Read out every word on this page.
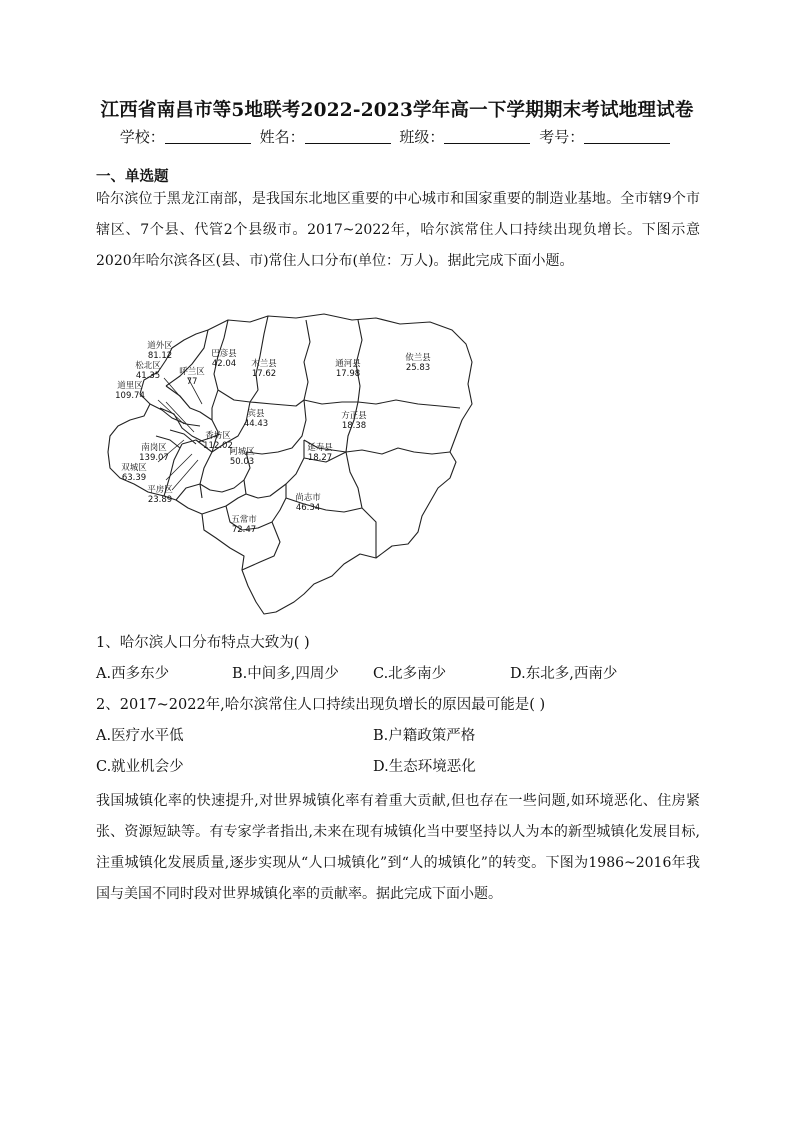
江西省南昌市等5地联考2022-2023学年高一下学期期末考试地理试卷
学校：	姓名：	班级：	考号：
一、单选题
哈尔滨位于黑龙江南部，是我国东北地区重要的中心城市和国家重要的制造业基地。全市辖9个市辖区、7个县、代管2个县级市。2017~2022年，哈尔滨常住人口持续出现负增长。下图示意2020年哈尔滨各区(县、市)常住人口分布(单位：万人)。据此完成下面小题。
道外区
81.12
松北区
41.35
道里区
109.74
呼兰区
77
巴彦县
42.04 木兰县
17.62
通河县
17.98
依兰县
25.83
宾县
44.43
方正县
18.38
香坊区
112.02
南岗区
139.07
阿城区
50.03
延寿县
18.27
双城区
63.39
平房区
23.89	尚志市
46.34
五常市
72.47
1、哈尔滨人口分布特点大致为( )
A.西多东少	B.中间多,四周少 C.北多南少	D.东北多,西南少
2、2017~2022年,哈尔滨常住人口持续出现负增长的原因最可能是( )
A.医疗水平低	B.户籍政策严格
C.就业机会少	D.生态环境恶化
我国城镇化率的快速提升,对世界城镇化率有着重大贡献,但也存在一些问题,如环境恶化、住房紧张、资源短缺等。有专家学者指出,未来在现有城镇化当中要坚持以人为本的新型城镇化发展目标,注重城镇化发展质量,逐步实现从“人口城镇化”到“人的城镇化”的转变。下图为1986~2016年我国与美国不同时段对世界城镇化率的贡献率。据此完成下面小题。
